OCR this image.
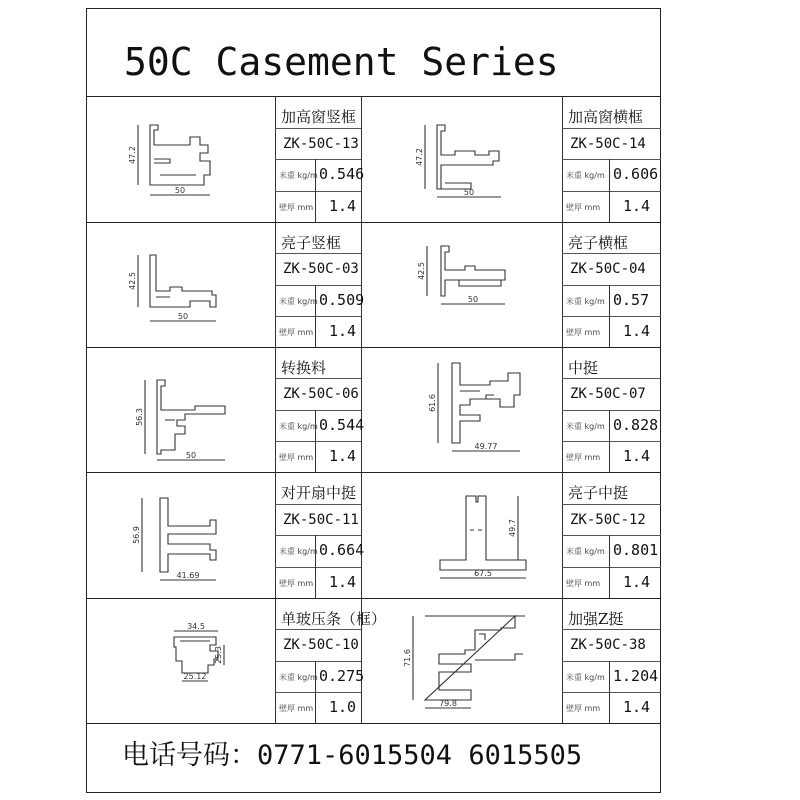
50C Casement Series
加高窗竖框
ZK-50C-13
米重 kg/m 0.546
壁厚 mm 1.4
加高窗横框
ZK-50C-14
米重 kg/m 0.606
壁厚 mm 1.4
亮子竖框
ZK-50C-03
米重 kg/m 0.509
壁厚 mm 1.4
亮子横框
ZK-50C-04
米重 kg/m 0.57
壁厚 mm 1.4
转换料
ZK-50C-06
米重 kg/m 0.544
壁厚 mm 1.4
中挺
ZK-50C-07
米重 kg/m 0.828
壁厚 mm 1.4
对开扇中挺
ZK-50C-11
米重 kg/m 0.664
壁厚 mm 1.4
亮子中挺
ZK-50C-12
米重 kg/m 0.801
壁厚 mm 1.4
单玻压条（框）
ZK-50C-10
米重 kg/m 0.275
壁厚 mm 1.0
加强Z挺
ZK-50C-38
米重 kg/m 1.204
壁厚 mm 1.4
47.2
50
47.2
50
42.5
50
42.5
50
56.3
50
61.6
49.77
56.9
41.69
49.7
67.5
34.5
25.3
25.12
71.6
79.8
电话号码：0771-6015504 6015505
